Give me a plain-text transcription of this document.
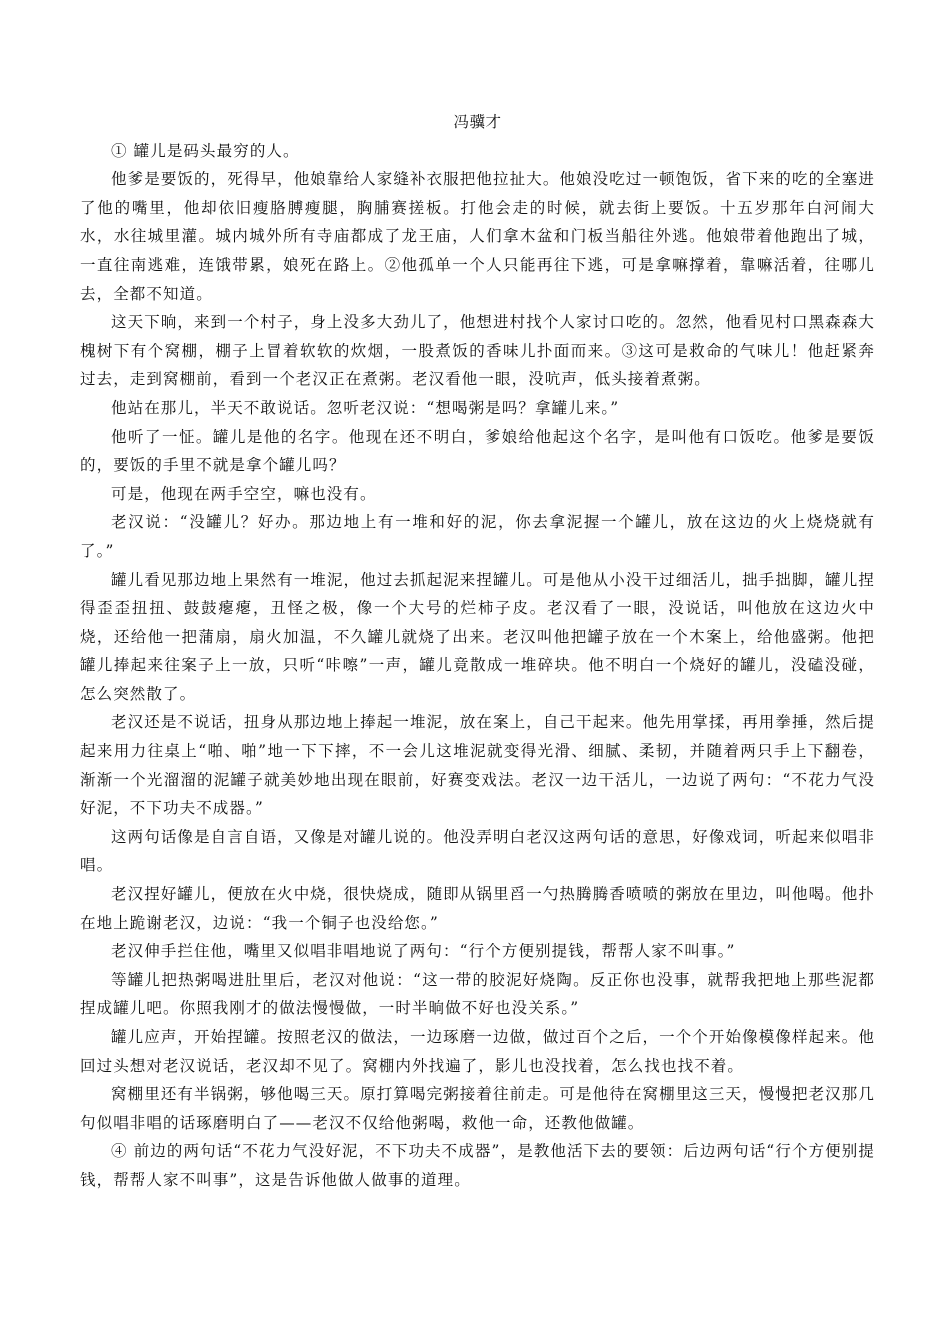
冯骥才

① 罐儿是码头最穷的人。

他爹是要饭的，死得早，他娘靠给人家缝补衣服把他拉扯大。他娘没吃过一顿饱饭，省下来的吃的全塞进了他的嘴里，他却依旧瘦胳膊瘦腿，胸脯赛搓板。打他会走的时候，就去街上要饭。十五岁那年白河闹大水，水往城里灌。城内城外所有寺庙都成了龙王庙，人们拿木盆和门板当船往外逃。他娘带着他跑出了城，一直往南逃难，连饿带累，娘死在路上。②他孤单一个人只能再往下逃，可是拿嘛撑着，靠嘛活着，往哪儿去，全都不知道。

这天下晌，来到一个村子，身上没多大劲儿了，他想进村找个人家讨口吃的。忽然，他看见村口黑森森大槐树下有个窝棚，棚子上冒着软软的炊烟，一股煮饭的香味儿扑面而来。③这可是救命的气味儿！他赶紧奔过去，走到窝棚前，看到一个老汉正在煮粥。老汉看他一眼，没吭声，低头接着煮粥。

他站在那儿，半天不敢说话。忽听老汉说：“想喝粥是吗？拿罐儿来。”

他听了一怔。罐儿是他的名字。他现在还不明白，爹娘给他起这个名字，是叫他有口饭吃。他爹是要饭的，要饭的手里不就是拿个罐儿吗？

可是，他现在两手空空，嘛也没有。

老汉说：“没罐儿？好办。那边地上有一堆和好的泥，你去拿泥握一个罐儿，放在这边的火上烧烧就有了。”

罐儿看见那边地上果然有一堆泥，他过去抓起泥来捏罐儿。可是他从小没干过细活儿，拙手拙脚，罐儿捏得歪歪扭扭、鼓鼓瘪瘪，丑怪之极，像一个大号的烂柿子皮。老汉看了一眼，没说话，叫他放在这边火中烧，还给他一把蒲扇，扇火加温，不久罐儿就烧了出来。老汉叫他把罐子放在一个木案上，给他盛粥。他把罐儿捧起来往案子上一放，只听“咔嚓”一声，罐儿竟散成一堆碎块。他不明白一个烧好的罐儿，没磕没碰，怎么突然散了。

老汉还是不说话，扭身从那边地上捧起一堆泥，放在案上，自己干起来。他先用掌揉，再用拳捶，然后提起来用力往桌上“啪、啪”地一下下摔，不一会儿这堆泥就变得光滑、细腻、柔韧，并随着两只手上下翻卷，渐渐一个光溜溜的泥罐子就美妙地出现在眼前，好赛变戏法。老汉一边干活儿，一边说了两句：“不花力气没好泥，不下功夫不成器。”

这两句话像是自言自语，又像是对罐儿说的。他没弄明白老汉这两句话的意思，好像戏词，听起来似唱非唱。

老汉捏好罐儿，便放在火中烧，很快烧成，随即从锅里舀一勺热腾腾香喷喷的粥放在里边，叫他喝。他扑在地上跪谢老汉，边说：“我一个铜子也没给您。”

老汉伸手拦住他，嘴里又似唱非唱地说了两句：“行个方便别提钱，帮帮人家不叫事。”

等罐儿把热粥喝进肚里后，老汉对他说：“这一带的胶泥好烧陶。反正你也没事，就帮我把地上那些泥都捏成罐儿吧。你照我刚才的做法慢慢做，一时半晌做不好也没关系。”

罐儿应声，开始捏罐。按照老汉的做法，一边琢磨一边做，做过百个之后，一个个开始像模像样起来。他回过头想对老汉说话，老汉却不见了。窝棚内外找遍了，影儿也没找着，怎么找也找不着。

窝棚里还有半锅粥，够他喝三天。原打算喝完粥接着往前走。可是他待在窝棚里这三天，慢慢把老汉那几句似唱非唱的话琢磨明白了——老汉不仅给他粥喝，救他一命，还教他做罐。

④ 前边的两句话“不花力气没好泥，不下功夫不成器”，是教他活下去的要领：后边两句话“行个方便别提钱，帮帮人家不叫事”，这是告诉他做人做事的道理。
